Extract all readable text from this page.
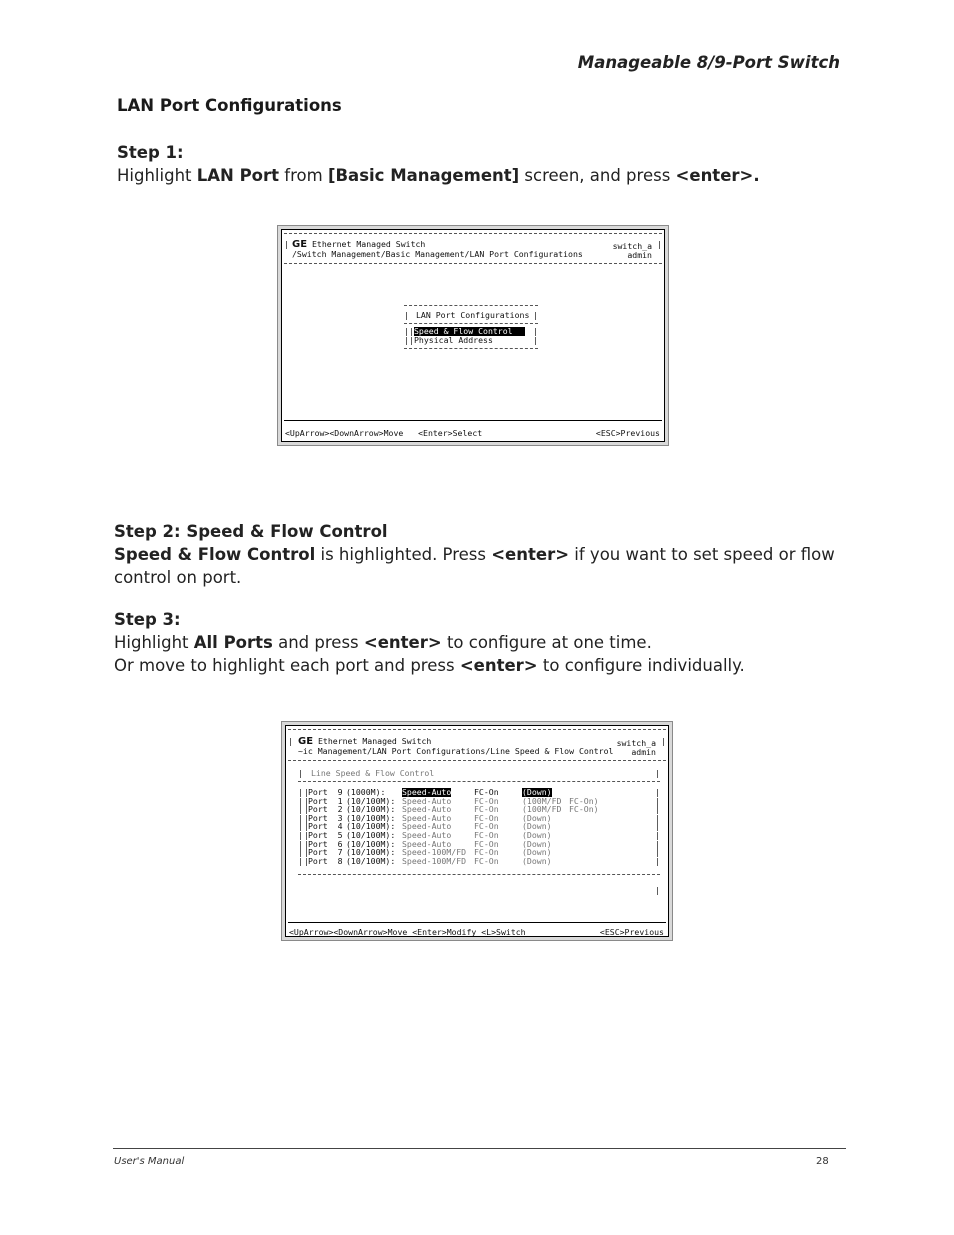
Manageable 8/9-Port Switch
LAN Port Configurations
Step 1:
Highlight LAN Port from [Basic Management] screen, and press <enter>.
|	|
GE Ethernet Managed Switch
/Switch Management/Basic Management/LAN Port Configurations
switch_a
admin
|	|
LAN Port Configurations
|
|
|
|
Speed & Flow Control
Physical Address
|
|
<UpArrow><DownArrow>Move   <Enter>Select	<ESC>Previous
Step 2: Speed & Flow Control
Speed & Flow Control is highlighted. Press <enter> if you want to set speed or flow
control on port.
Step 3:
Highlight All Ports and press <enter> to configure at one time.
Or move to highlight each port and press <enter> to configure individually.
|	|
GE Ethernet Managed Switch
~ic Management/LAN Port Configurations/Line Speed & Flow Control
switch_a
admin
|	|
Line Speed & Flow Control
| |	|
Port  9 (1000M): Speed-Auto	FC-On	(Down)
| |	|
Port  1 (10/100M): Speed-Auto	FC-On	(100M/FD FC-On)
| |	|
Port  2 (10/100M): Speed-Auto	FC-On	(100M/FD FC-On)
| |	|
Port  3 (10/100M): Speed-Auto	FC-On	(Down)
| |	|
Port  4 (10/100M): Speed-Auto	FC-On	(Down)
| |	|
Port  5 (10/100M): Speed-Auto	FC-On	(Down)
| |	|
Port  6 (10/100M): Speed-Auto	FC-On	(Down)
| |	|
Port  7 (10/100M): Speed-100M/FD FC-On	(Down)
| |	|
Port  8 (10/100M): Speed-100M/FD FC-On	(Down)
|
<UpArrow><DownArrow>Move <Enter>Modify <L>Switch	<ESC>Previous
User's Manual	28
